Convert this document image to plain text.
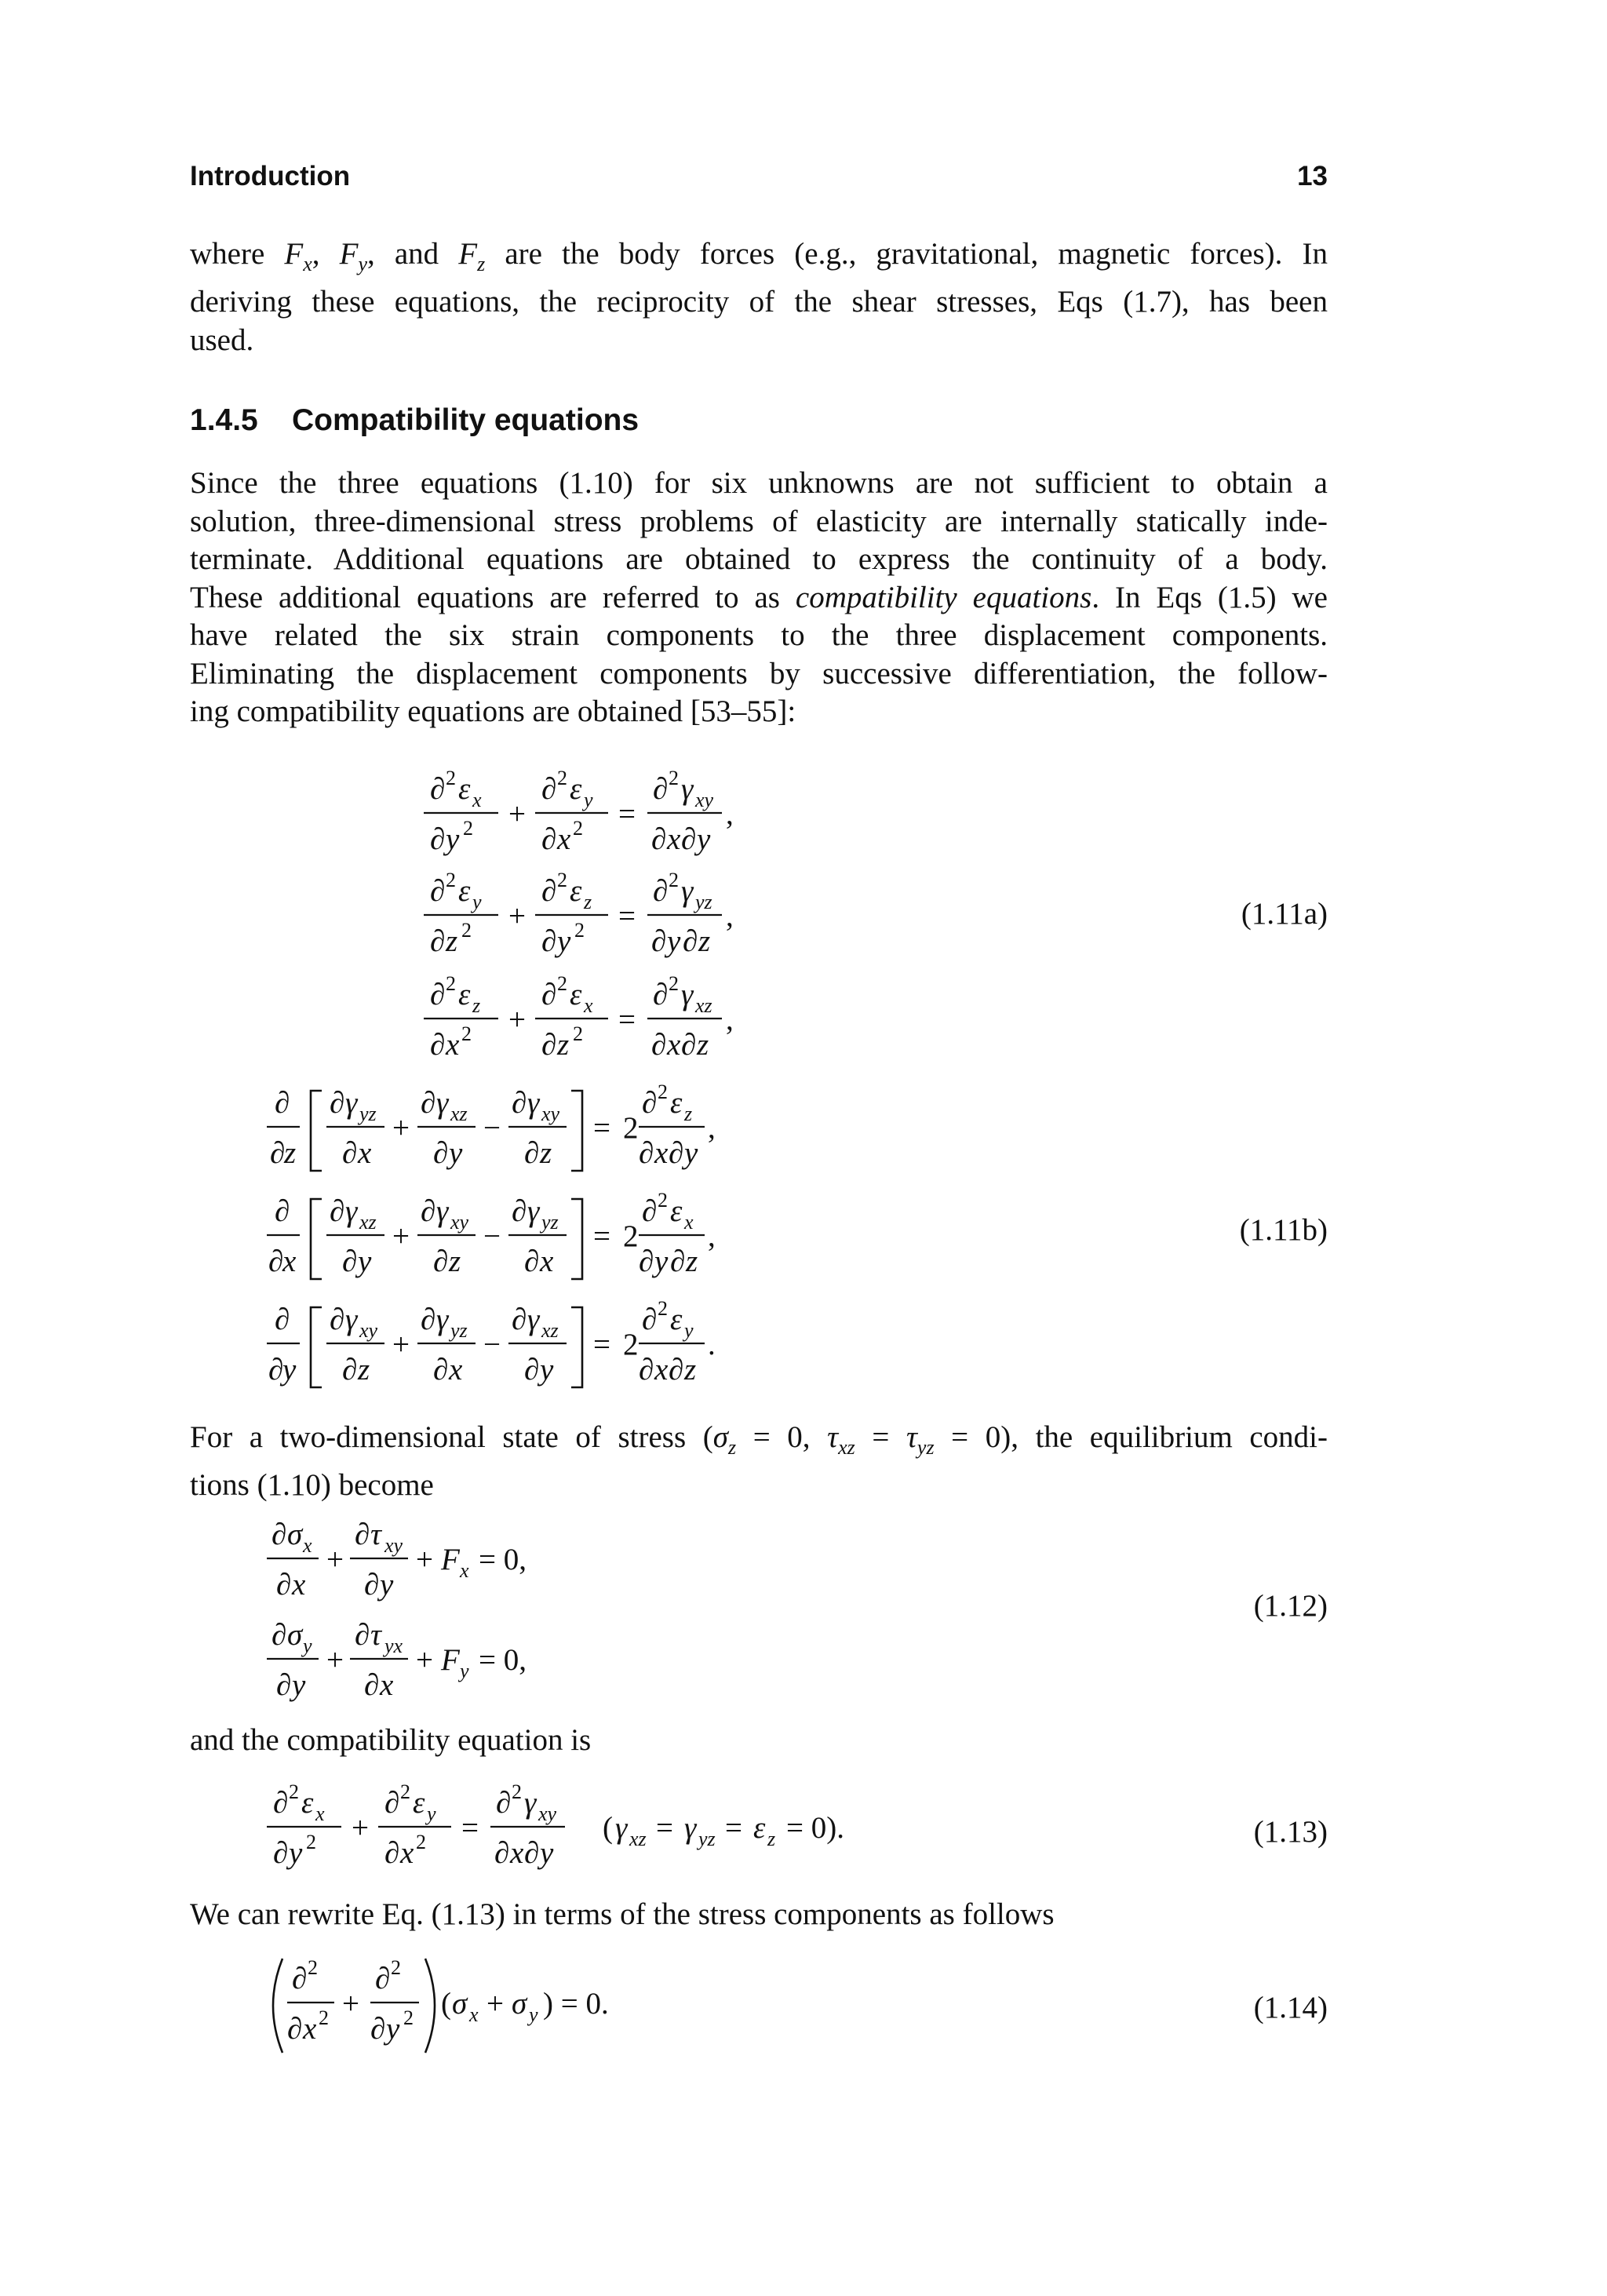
Introduction	13
where $F_x$, $F_y$, and $F_z$ are the body forces (e.g., gravitational, magnetic forces). In
deriving these equations, the reciprocity of the shear stresses, Eqs (1.7), has been
used.
1.4.5 Compatibility equations
Since the three equations (1.10) for six unknowns are not sufficient to obtain a
solution, three-dimensional stress problems of elasticity are internally statically inde-
terminate. Additional equations are obtained to express the continuity of a body.
These additional equations are referred to as compatibility equations. In Eqs (1.5) we
have related the six strain components to the three displacement components.
Eliminating the displacement components by successive differentiation, the follow-
ing compatibility equations are obtained [53–55]:
∂ 2 ε x
∂ y 2 +
∂ 2 ε y
∂ x 2 =
∂ 2 γ xy
∂ x ∂ y
,
∂ 2 ε y
∂ z 2 +
∂ 2 ε z
∂ y 2 =
∂ 2 γ yz
∂ y ∂ z
,
∂ 2 ε z
∂ x 2 +
∂ 2 ε x
∂ z 2 =
∂ 2 γ xz
∂ x ∂ z
,
(1.11a)
∂
∂
z
∂ γ yz
∂ x
+
∂ γ xz
∂ y
−
∂ γ xy
∂ z
= 2
∂ 2 ε z
∂ x ∂ y
,
∂
∂
x
∂ γ xz
∂ y
+
∂ γ xy
∂ z
−
∂ γ yz
∂ x
= 2
∂ 2 ε x
∂ y ∂ z
,
∂
∂
y
∂ γ xy
∂ z
+
∂ γ yz
∂ x
−
∂ γ xz
∂ y
= 2
∂ 2 ε y
∂ x ∂ z
.
(1.11b)
For a two-dimensional state of stress ($\sigma_z = 0$, $\tau_{xz} = \tau_{yz} = 0$), the equilibrium condi-
tions (1.10) become
∂ σ x
∂ x
+
∂ τ xy
∂ y
+ F x = 0,
∂ σ y
∂ y
+
∂ τ yx
∂ x
+ F y = 0,
(1.12)
and the compatibility equation is
∂ 2 ε x
∂ y 2 +
∂ 2 ε y
∂ x 2 =
∂ 2 γ xy
∂ x ∂ y
( γ xz = γ yz = ε z = 0).	(1.13)
We can rewrite Eq. (1.13) in terms of the stress components as follows
∂ 2
∂ x 2 +
∂ 2
∂ y 2 ( σ x + σ y ) = 0.	(1.14)
